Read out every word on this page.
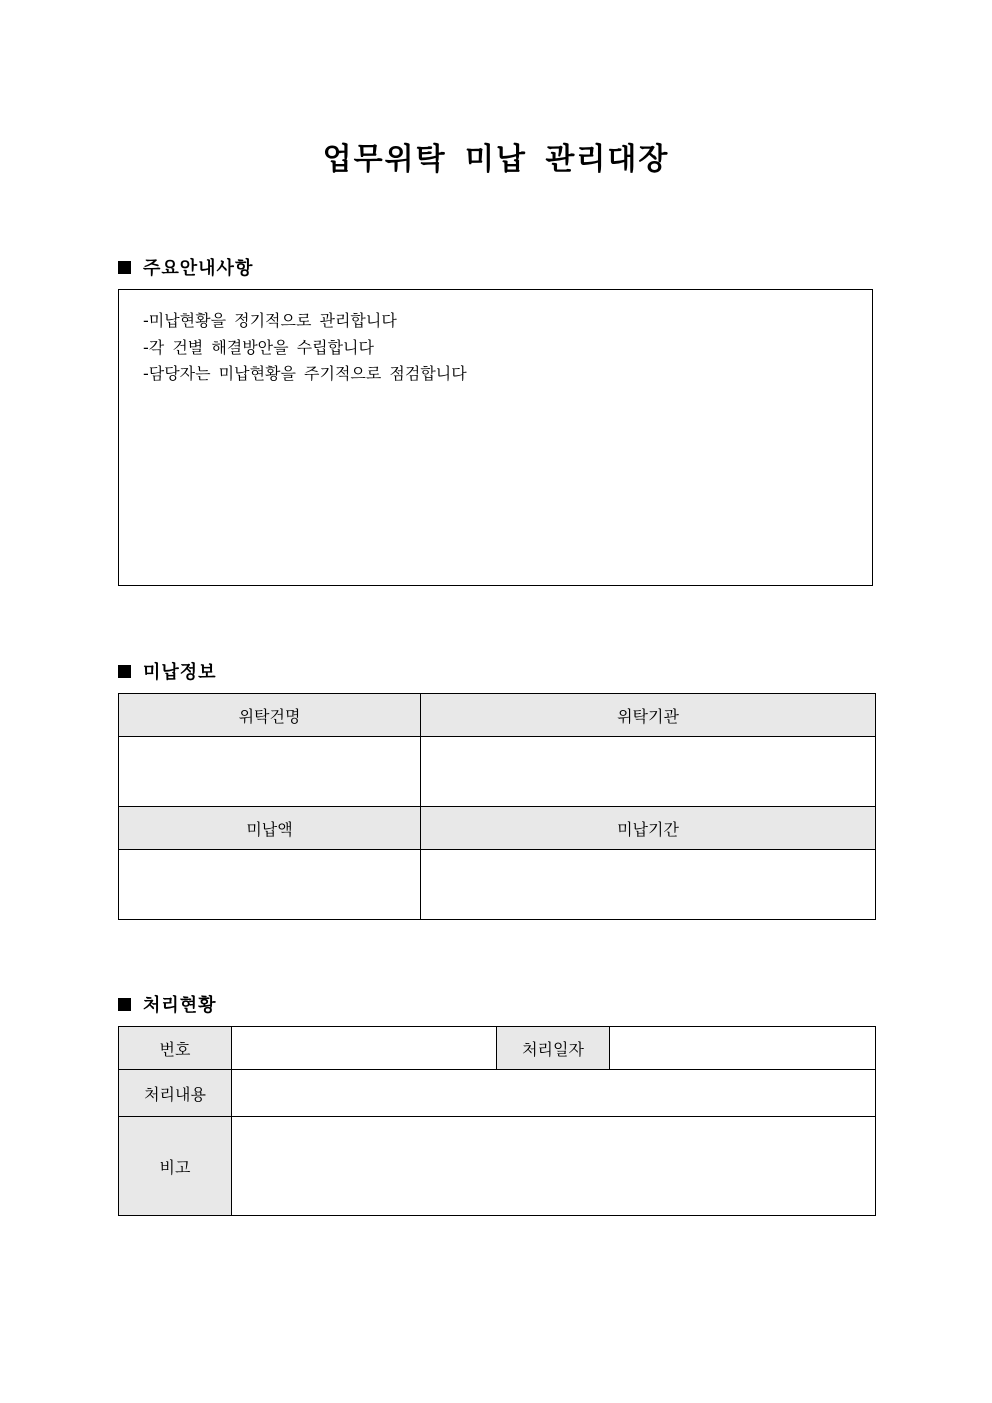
업무위탁 미납 관리대장
주요안내사항
-미납현황을 정기적으로 관리합니다
-각 건별 해결방안을 수립합니다
-담당자는 미납현황을 주기적으로 점검합니다
미납정보
위탁건명	위탁기관

미납액	미납기간

처리현황
번호		처리일자	
처리내용			
비고			
